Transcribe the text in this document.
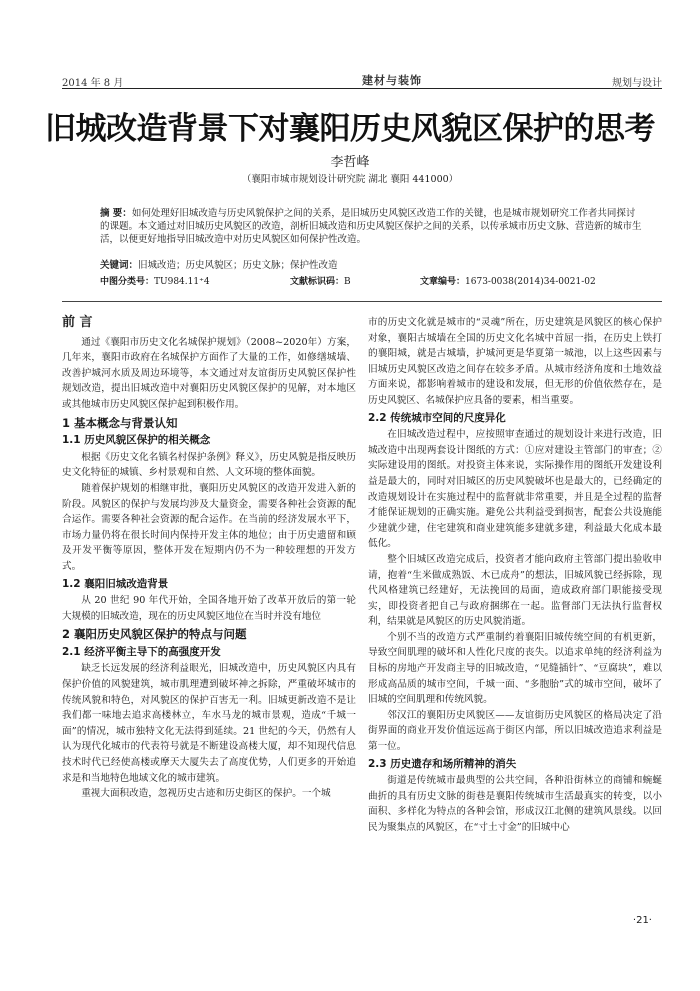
2014 年 8 月	建材与装饰	规划与设计
旧城改造背景下对襄阳历史风貌区保护的思考
李哲峰
（襄阳市城市规划设计研究院 湖北 襄阳 441000）
摘 要：如何处理好旧城改造与历史风貌保护之间的关系，是旧城历史风貌区改造工作的关键，也是城市规划研究工作者共同探讨的课题。本文通过对旧城历史风貌区的改造，剖析旧城改造和历史风貌区保护之间的关系，以传承城市历史文脉、营造新的城市生活，以便更好地指导旧城改造中对历史风貌区如何保护性改造。
关键词：旧城改造；历史风貌区；历史文脉；保护性改造
中图分类号：TU984.11⁺4	文献标识码：B	文章编号：1673-0038(2014)34-0021-02
前 言

通过《襄阳市历史文化名城保护规划》（2008~2020年）方案，几年来，襄阳市政府在名城保护方面作了大量的工作，如修缮城墙、改善护城河水质及周边环境等，本文通过对友谊街历史风貌区保护性规划改造，提出旧城改造中对襄阳历史风貌区保护的见解，对本地区或其他城市历史风貌区保护起到积极作用。

1 基本概念与背景认知
1.1 历史风貌区保护的相关概念

根据《历史文化名镇名村保护条例》释义》，历史风貌是指反映历史文化特征的城镇、乡村景观和自然、人文环境的整体面貌。

随着保护规划的相继审批，襄阳历史风貌区的改造开发进入新的阶段。风貌区的保护与发展均涉及大量资金，需要各种社会资源的配合运作。需要各种社会资源的配合运作。在当前的经济发展水平下，市场力量仍将在很长时间内保持开发主体的地位；由于历史遗留和顾及开发平衡等原因，整体开发在短期内仍不为一种较理想的开发方式。

1.2 襄阳旧城改造背景

从 20 世纪 90 年代开始，全国各地开始了改革开放后的第一轮大规模的旧城改造，现在的历史风貌区地位在当时并没有地位

2 襄阳历史风貌区保护的特点与问题
2.1 经济平衡主导下的高强度开发

缺乏长远发展的经济利益眼光，旧城改造中，历史风貌区内具有保护价值的风貌建筑，城市肌理遭到破坏神之拆除，严重破坏城市的传统风貌和特色，对风貌区的保护百害无一利。旧城更新改造不是让我们都一味地去追求高楼林立，车水马龙的城市景观，造成“千城一面”的情况，城市独特文化无法得到延续。21 世纪的今天，仍然有人认为现代化城市的代表符号就是不断建设高楼大厦，却不知现代信息技术时代已经使高楼或摩天大厦失去了高度优势，人们更多的开始追求是和当地特色地域文化的城市建筑。

重视大面积改造，忽视历史古迹和历史街区的保护。一个城

市的历史文化就是城市的“灵魂”所在，历史建筑是风貌区的核心保护对象，襄阳古城墙在全国的历史文化名城中首屈一指，在历史上铁打的襄阳城，就是古城墙，护城河更是华夏第一城池，以上这些因素与旧城历史风貌区改造之间存在较多矛盾。从城市经济角度和土地效益方面来说，都影响着城市的建设和发展，但无形的价值依然存在，是历史风貌区、名城保护应具备的要素，相当重要。

2.2 传统城市空间的尺度异化

在旧城改造过程中，应按照审查通过的规划设计来进行改造，旧城改造中出现两套设计图纸的方式：①应对建设主管部门的审查；②实际建设用的图纸。对投资主体来说，实际操作用的图纸开发建设利益是最大的，同时对旧城区的历史风貌破坏也是最大的，已经确定的改造规划设计在实施过程中的监督就非常重要，并且是全过程的监督才能保证规划的正确实施。避免公共利益受到损害，配套公共设施能少建就少建，住宅建筑和商业建筑能多建就多建，利益最大化成本最低化。

整个旧城区改造完成后，投资者才能向政府主管部门提出验收申请，抱着“生米做成熟饭、木已成舟”的想法，旧城风貌已经拆除，现代风格建筑已经建好，无法挽回的局面，造成政府部门职能接受现实，即投资者把自己与政府捆绑在一起。监督部门无法执行监督权利，结果就是风貌区的历史风貌消逝。

个别不当的改造方式严重制约着襄阳旧城传统空间的有机更新，导致空间肌理的破坏和人性化尺度的丧失。以追求单纯的经济利益为目标的房地产开发商主导的旧城改造，“见缝插针”、“豆腐块”，难以形成高品质的城市空间，千城一面、“多胞胎”式的城市空间，破坏了旧城的空间肌理和传统风貌。

邻汉江的襄阳历史风貌区——友谊街历史风貌区的格局决定了沿街界面的商业开发价值远远高于街区内部，所以旧城改造追求利益是第一位。

2.3 历史遗存和场所精神的消失

街道是传统城市最典型的公共空间，各种沿街林立的商铺和蜿蜒曲折的具有历史文脉的街巷是襄阳传统城市生活最真实的转变，以小面积、多样化为特点的各种会馆，形成汉江北侧的建筑风景线。以回民为聚集点的风貌区，在“寸土寸金”的旧城中心

·21·
